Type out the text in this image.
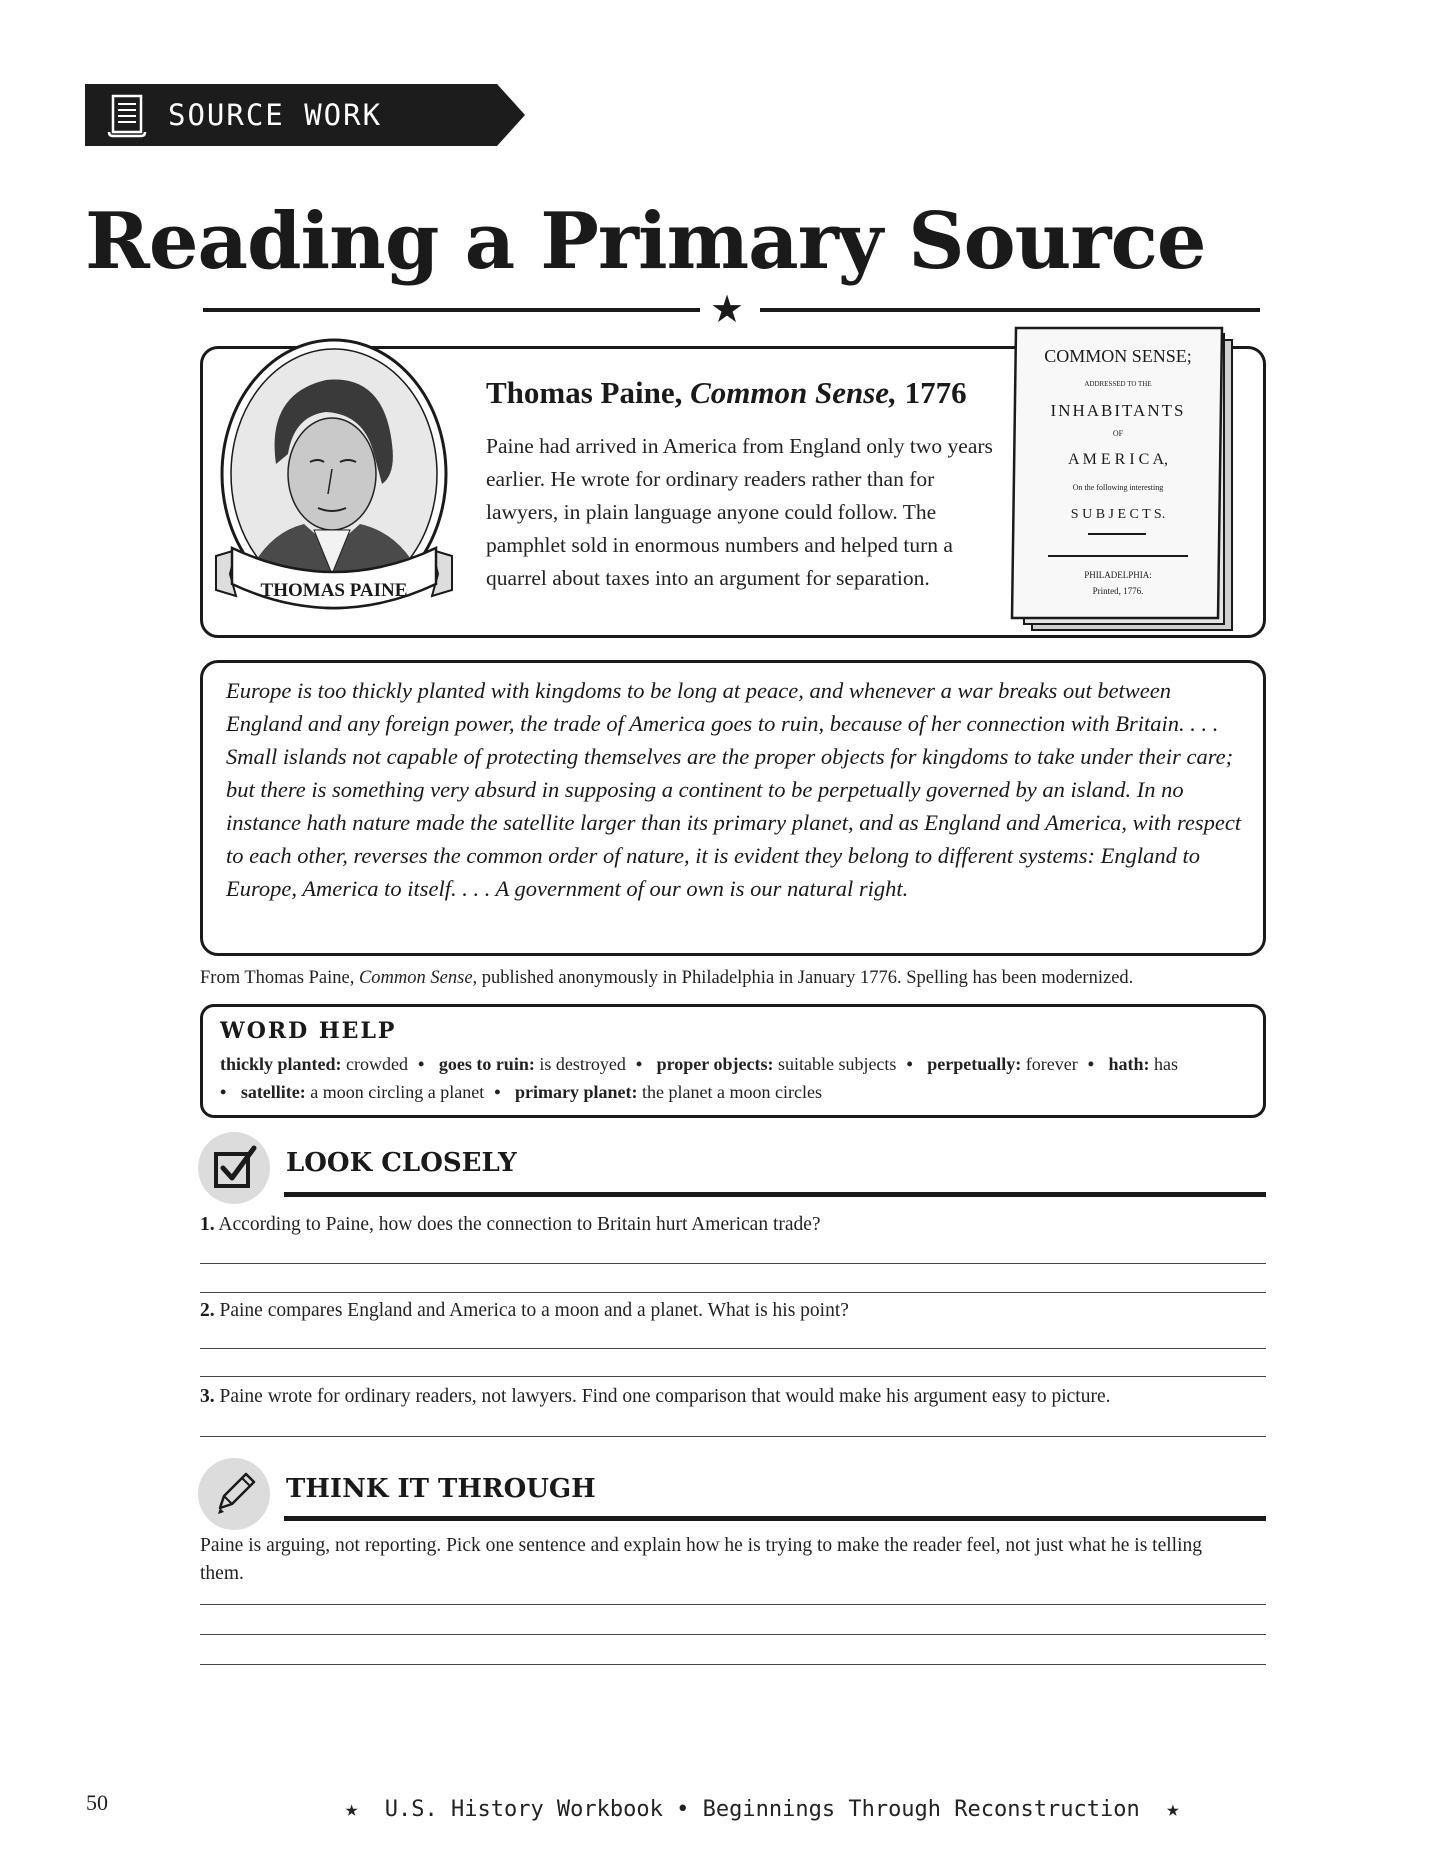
SOURCE WORK
Reading a Primary Source
★
THOMAS PAINE
Thomas Paine, Common Sense, 1776
Paine had arrived in America from England only two years earlier. He wrote for ordinary readers rather than for lawyers, in plain language anyone could follow. The pamphlet sold in enormous numbers and helped turn a quarrel about taxes into an argument for separation.
COMMON SENSE;
ADDRESSED TO THE
INHABITANTS
OF
A M E R I C A,
On the following interesting
S U B J E C T S.
PHILADELPHIA:
Printed, 1776.
Europe is too thickly planted with kingdoms to be long at peace, and whenever a war breaks out between England and any foreign power, the trade of America goes to ruin, because of her connection with Britain. . . . Small islands not capable of protecting themselves are the proper objects for kingdoms to take under their care; but there is something very absurd in supposing a continent to be perpetually governed by an island. In no instance hath nature made the satellite larger than its primary planet, and as England and America, with respect to each other, reverses the common order of nature, it is evident they belong to different systems: England to Europe, America to itself. . . . A government of our own is our natural right.
From Thomas Paine, Common Sense, published anonymously in Philadelphia in January 1776. Spelling has been modernized.
WORD HELP
thickly planted: crowded • goes to ruin: is destroyed • proper objects: suitable subjects • perpetually: forever • hath: has
• satellite: a moon circling a planet • primary planet: the planet a moon circles
LOOK CLOSELY
1. According to Paine, how does the connection to Britain hurt American trade?
2. Paine compares England and America to a moon and a planet. What is his point?
3. Paine wrote for ordinary readers, not lawyers. Find one comparison that would make his argument easy to picture.
THINK IT THROUGH
Paine is arguing, not reporting. Pick one sentence and explain how he is trying to make the reader feel, not just what he is telling them.
50	★ U.S. History Workbook • Beginnings Through Reconstruction ★
